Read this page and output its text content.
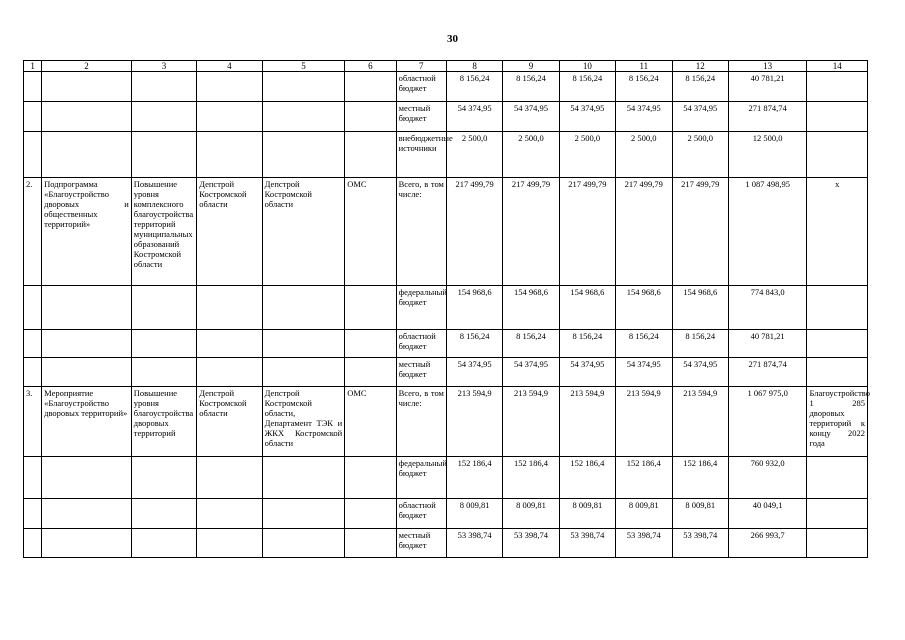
30
1	2	3	4	5	6	7	8	9	10	11	12	13	14
						областной бюджет	8 156,24	8 156,24	8 156,24	8 156,24	8 156,24	40 781,21	
						местный бюджет	54 374,95	54 374,95	54 374,95	54 374,95	54 374,95	271 874,74	
						внебюджетные источники	2 500,0	2 500,0	2 500,0	2 500,0	2 500,0	12 500,0	
2.	Подпрограмма «Благоустройство дворовых и общественных территорий»	Повышение уровня комплексного благоустройства территорий муниципальных образований Костромской области	Депстрой Костромской области	Депстрой Костромской области	ОМС	Всего, в том числе:	217 499,79	217 499,79	217 499,79	217 499,79	217 499,79	1 087 498,95	x
						федеральный бюджет	154 968,6	154 968,6	154 968,6	154 968,6	154 968,6	774 843,0	
						областной бюджет	8 156,24	8 156,24	8 156,24	8 156,24	8 156,24	40 781,21	
						местный бюджет	54 374,95	54 374,95	54 374,95	54 374,95	54 374,95	271 874,74	
3.	Мероприятие «Благоустройство дворовых территорий»	Повышение уровня благоустройства дворовых территорий	Депстрой Костромской области	Депстрой Костромской области, Департамент ТЭК и ЖКХ Костромской области	ОМС	Всего, в том числе:	213 594,9	213 594,9	213 594,9	213 594,9	213 594,9	1 067 975,0	Благоустройство 1 285 дворовых территорий к концу 2022 года
						федеральный бюджет	152 186,4	152 186,4	152 186,4	152 186,4	152 186,4	760 932,0	
						областной бюджет	8 009,81	8 009,81	8 009,81	8 009,81	8 009,81	40 049,1	
						местный бюджет	53 398,74	53 398,74	53 398,74	53 398,74	53 398,74	266 993,7	
